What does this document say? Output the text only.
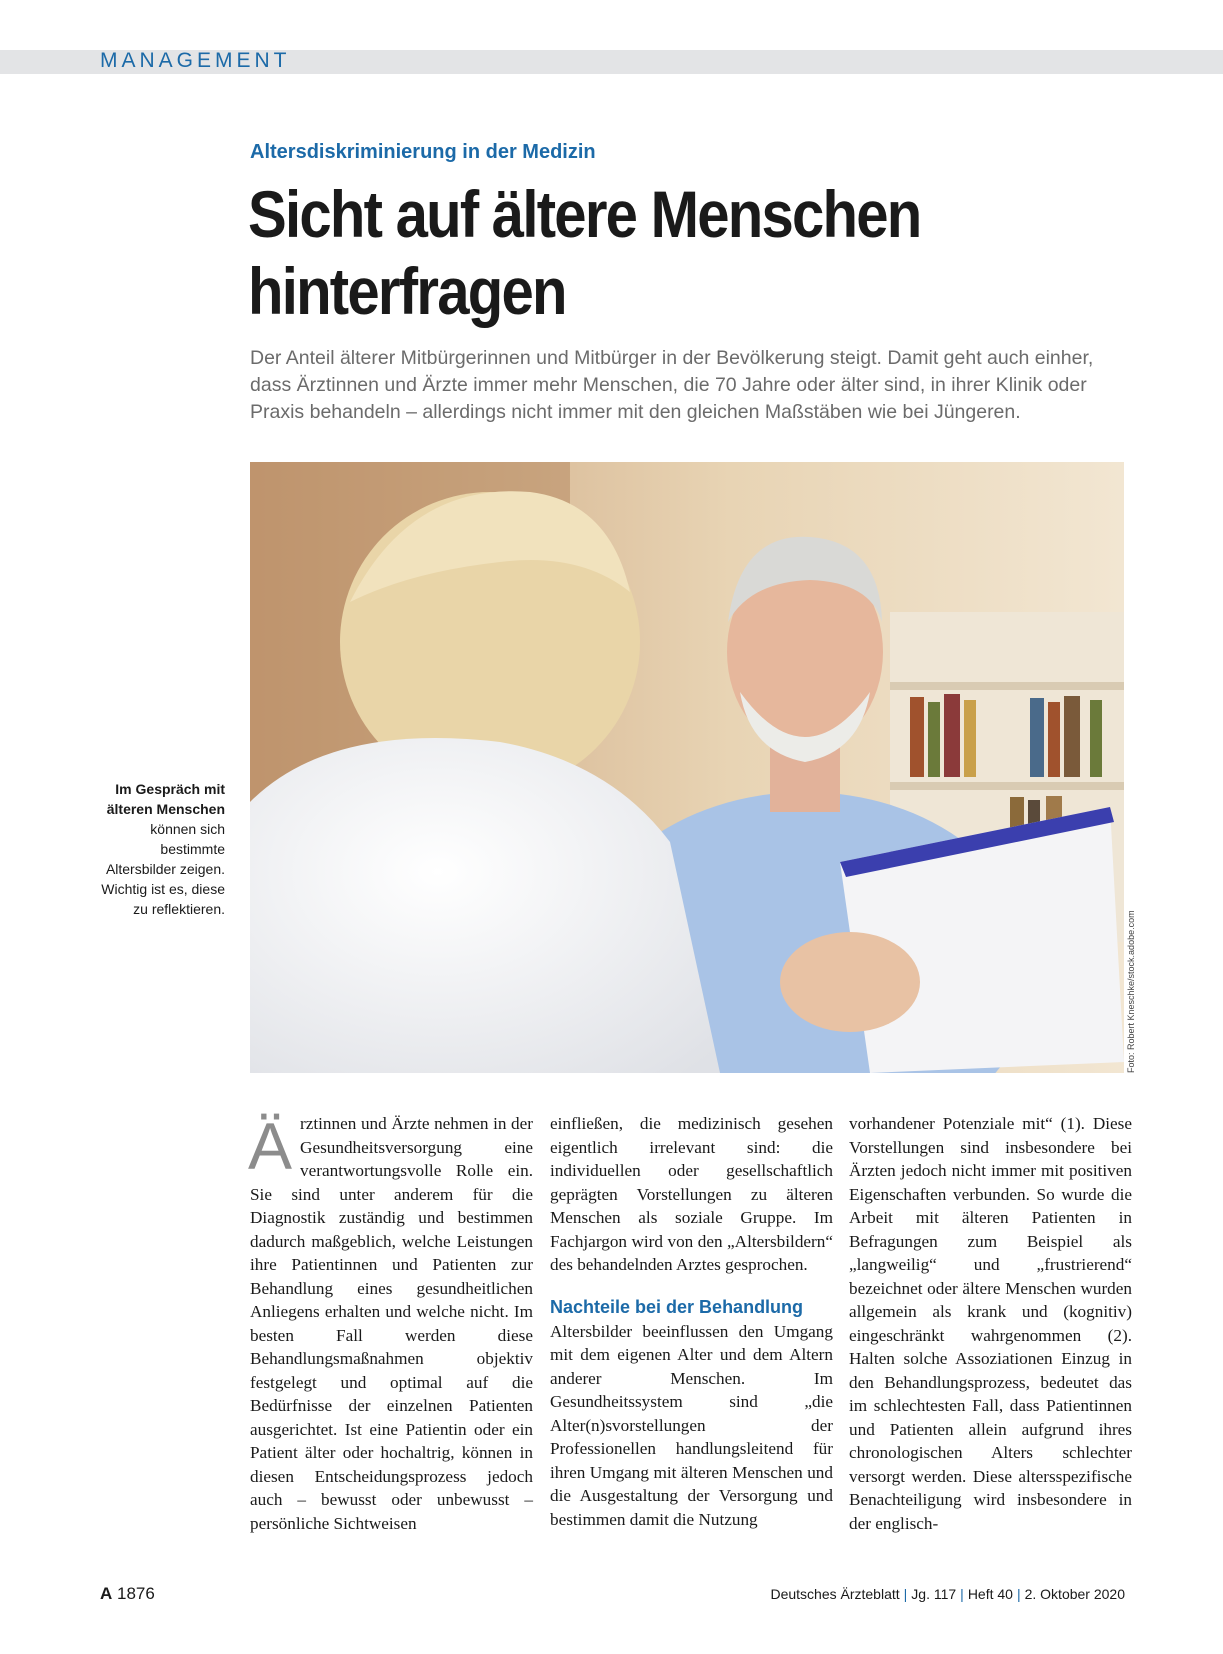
MANAGEMENT
Altersdiskriminierung in der Medizin
Sicht auf ältere Menschen hinterfragen

Der Anteil älterer Mitbürgerinnen und Mitbürger in der Bevölkerung steigt. Damit geht auch einher, dass Ärztinnen und Ärzte immer mehr Menschen, die 70 Jahre oder älter sind, in ihrer Klinik oder Praxis behandeln – allerdings nicht immer mit den gleichen Maßstäben wie bei Jüngeren.

Foto: Robert Kneschke/stock.adobe.com
Im Gespräch mit älteren Menschen können sich bestimmte Altersbilder zeigen. Wichtig ist es, diese zu reflektieren.
Ä rztinnen und Ärzte nehmen in der Gesundheitsversorgung eine verantwortungsvolle Rolle ein. Sie sind unter anderem für die Diagnostik zuständig und bestimmen dadurch maßgeblich, welche Leistungen ihre Patientinnen und Patienten zur Behandlung eines gesundheitlichen Anliegens erhalten und welche nicht. Im besten Fall werden diese Behandlungsmaßnahmen objektiv festgelegt und optimal auf die Bedürfnisse der einzelnen Patienten ausgerichtet. Ist eine Patientin oder ein Patient älter oder hochaltrig, können in diesen Entscheidungsprozess jedoch auch – bewusst oder unbewusst – persönliche Sichtweisen

einfließen, die medizinisch gesehen eigentlich irrelevant sind: die individuellen oder gesellschaftlich geprägten Vorstellungen zu älteren Menschen als soziale Gruppe. Im Fachjargon wird von den „Altersbildern“ des behandelnden Arztes gesprochen.

Nachteile bei der Behandlung

Altersbilder beeinflussen den Umgang mit dem eigenen Alter und dem Altern anderer Menschen. Im Gesundheitssystem sind „die Alter(n)svorstellungen der Professionellen handlungsleitend für ihren Umgang mit älteren Menschen und die Ausgestaltung der Versorgung und bestimmen damit die Nutzung

vorhandener Potenziale mit“ (1). Diese Vorstellungen sind insbesondere bei Ärzten jedoch nicht immer mit positiven Eigenschaften verbunden. So wurde die Arbeit mit älteren Patienten in Befragungen zum Beispiel als „langweilig“ und „frustrierend“ bezeichnet oder ältere Menschen wurden allgemein als krank und (kognitiv) eingeschränkt wahrgenommen (2). Halten solche Assoziationen Einzug in den Behandlungsprozess, bedeutet das im schlechtesten Fall, dass Patientinnen und Patienten allein aufgrund ihres chronologischen Alters schlechter versorgt werden. Diese altersspezifische Benachteiligung wird insbesondere in der englisch-

A 1876	Deutsches Ärzteblatt | Jg. 117 | Heft 40 | 2. Oktober 2020
